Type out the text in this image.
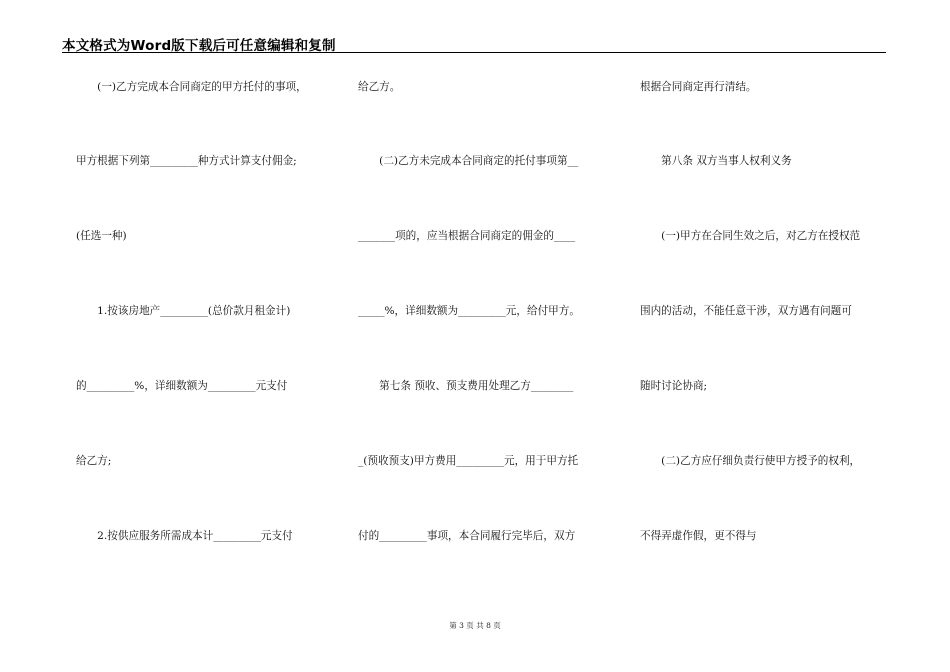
本文格式为Word版下载后可任意编辑和复制
　　(一)乙方完成本合同商定的甲方托付的事项，
甲方根据下列第_________种方式计算支付佣金;
(任选一种)
　　1.按该房地产_________(总价款月租金计)
的_________%，详细数额为_________元支付
给乙方;
　　2.按供应服务所需成本计_________元支付
给乙方。
　　(二)乙方未完成本合同商定的托付事项第__
_______项的，应当根据合同商定的佣金的____
_____%，详细数额为_________元，给付甲方。
　　第七条 预收、预支费用处理乙方________
_(预收预支)甲方费用_________元，用于甲方托
付的_________事项，本合同履行完毕后，双方
根据合同商定再行清结。
　　第八条 双方当事人权利义务
　　(一)甲方在合同生效之后，对乙方在授权范
围内的活动，不能任意干涉，双方遇有问题可
随时讨论协商;
　　(二)乙方应仔细负责行使甲方授予的权利，
不得弄虚作假，更不得与
第 3 页 共 8 页
